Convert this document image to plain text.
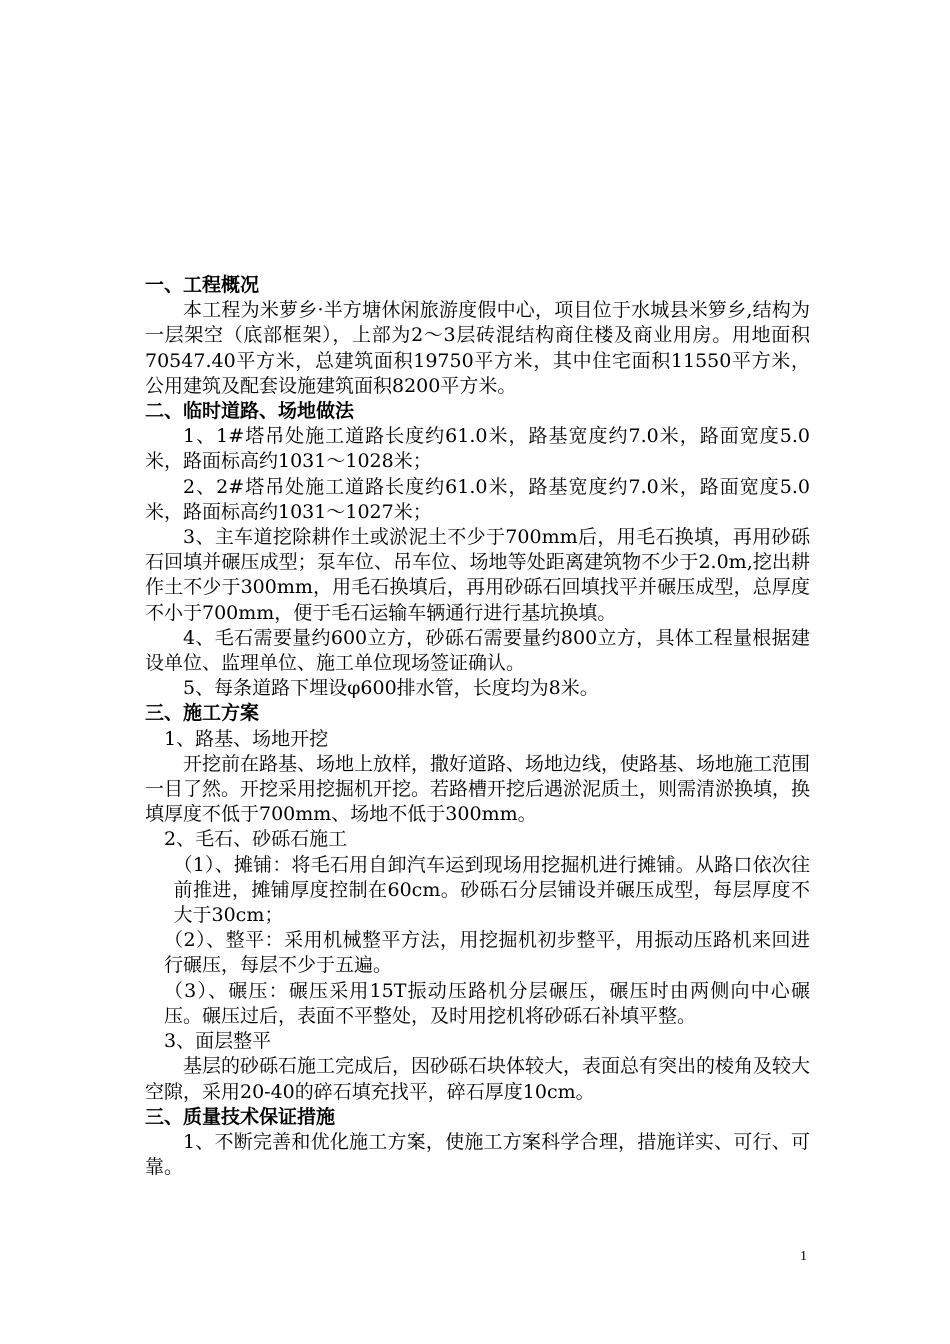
一、工程概况

本工程为米萝乡·半方塘休闲旅游度假中心，项目位于水城县米箩乡,结构为一层架空（底部框架），上部为2～3层砖混结构商住楼及商业用房。用地面积70547.40平方米，总建筑面积19750平方米，其中住宅面积11550平方米，公用建筑及配套设施建筑面积8200平方米。

二、临时道路、场地做法

1、1#塔吊处施工道路长度约61.0米，路基宽度约7.0米，路面宽度5.0米，路面标高约1031～1028米；

2、2#塔吊处施工道路长度约61.0米，路基宽度约7.0米，路面宽度5.0米，路面标高约1031～1027米；

3、主车道挖除耕作土或淤泥土不少于700mm后，用毛石换填，再用砂砾石回填并碾压成型；泵车位、吊车位、场地等处距离建筑物不少于2.0m,挖出耕作土不少于300mm，用毛石换填后，再用砂砾石回填找平并碾压成型，总厚度不小于700mm，便于毛石运输车辆通行进行基坑换填。

4、毛石需要量约600立方，砂砾石需要量约800立方，具体工程量根据建设单位、监理单位、施工单位现场签证确认。

5、每条道路下埋设φ600排水管，长度均为8米。

三、施工方案

1、路基、场地开挖

开挖前在路基、场地上放样，撒好道路、场地边线，使路基、场地施工范围一目了然。开挖采用挖掘机开挖。若路槽开挖后遇淤泥质土，则需清淤换填，换填厚度不低于700mm、场地不低于300mm。

2、毛石、砂砾石施工

（1）、摊铺：将毛石用自卸汽车运到现场用挖掘机进行摊铺。从路口依次往前推进，摊铺厚度控制在60cm。砂砾石分层铺设并碾压成型，每层厚度不大于30cm；

（2）、整平：采用机械整平方法，用挖掘机初步整平，用振动压路机来回进行碾压，每层不少于五遍。

（3）、碾压：碾压采用15T振动压路机分层碾压，碾压时由两侧向中心碾压。碾压过后，表面不平整处，及时用挖机将砂砾石补填平整。

3、面层整平

基层的砂砾石施工完成后，因砂砾石块体较大，表面总有突出的棱角及较大空隙，采用20-40的碎石填充找平，碎石厚度10cm。

三、质量技术保证措施

1、不断完善和优化施工方案，使施工方案科学合理，措施详实、可行、可靠。

1
